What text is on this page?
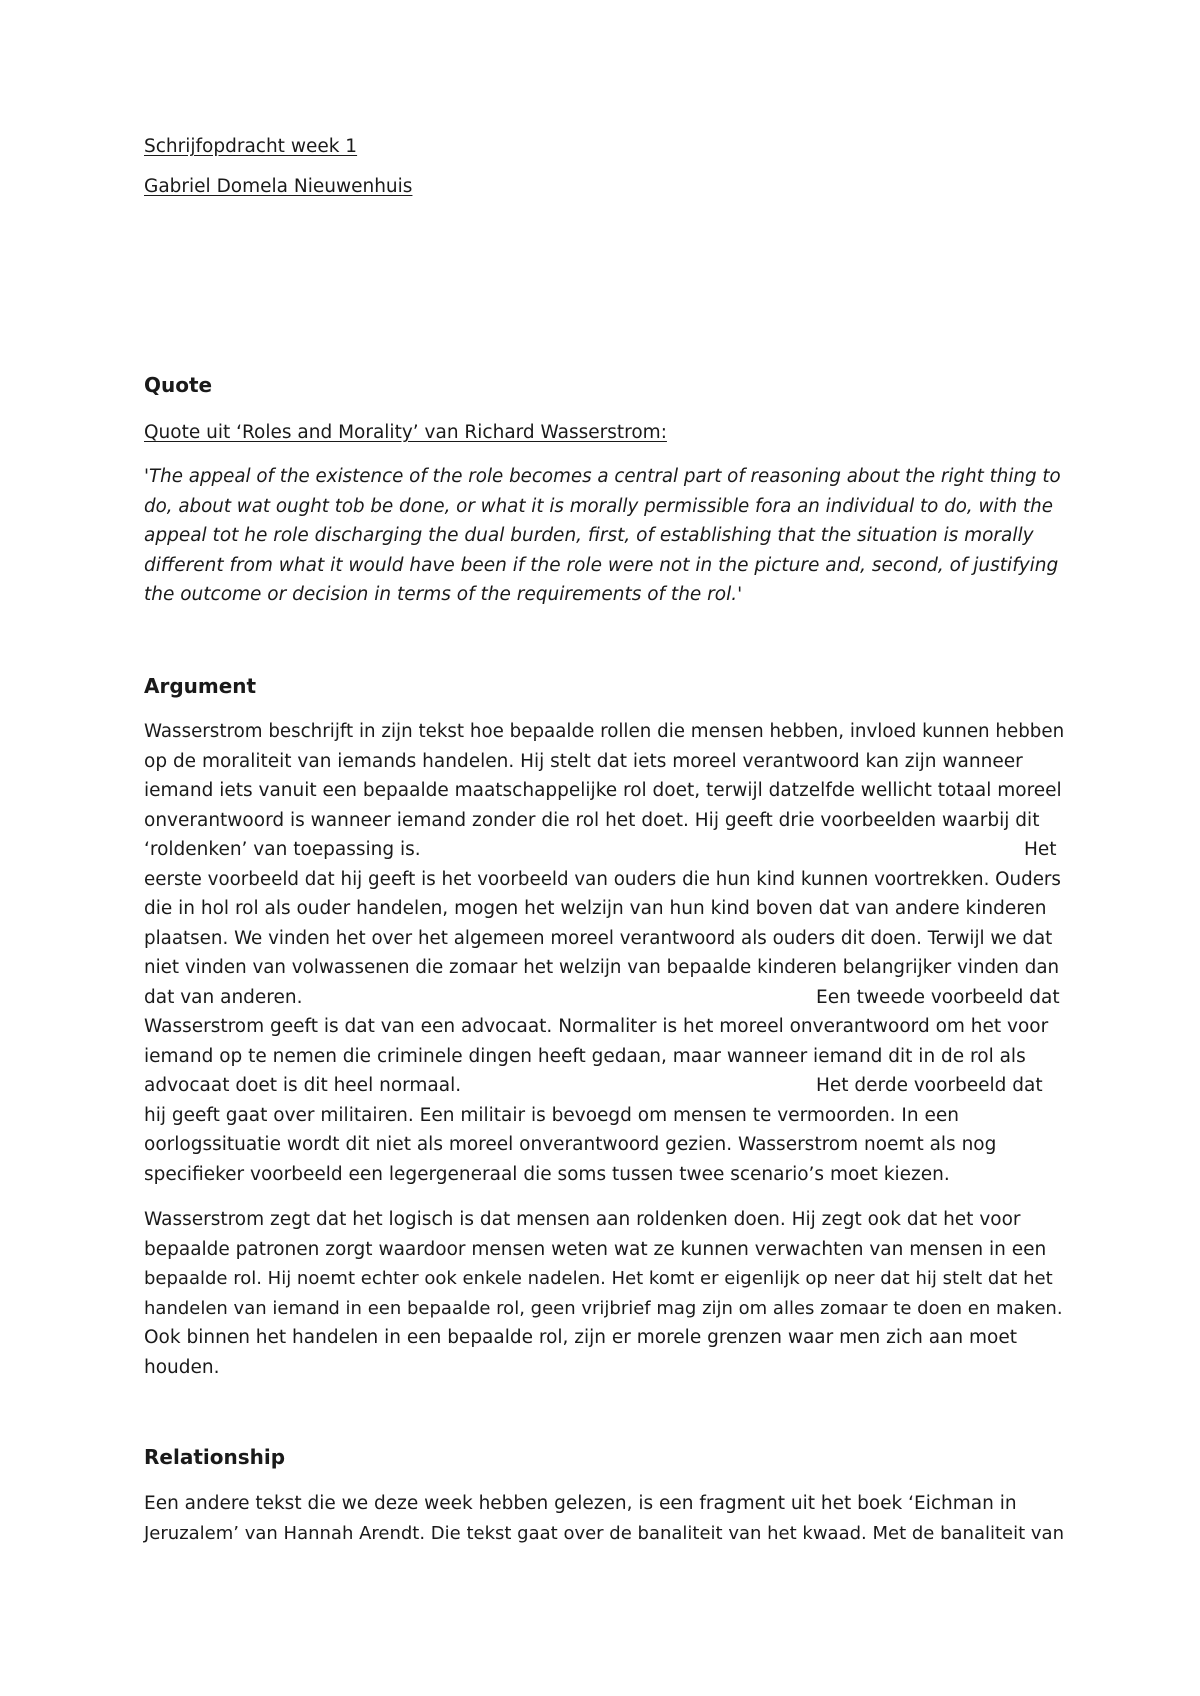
Schrijfopdracht week 1

Gabriel Domela Nieuwenhuis

Quote

Quote uit ‘Roles and Morality’ van Richard Wasserstrom:

'The appeal of the existence of the role becomes a central part of reasoning about the right thing to

do, about wat ought tob be done, or what it is morally permissible fora an individual to do, with the

appeal tot he role discharging the dual burden, first, of establishing that the situation is morally

different from what it would have been if the role were not in the picture and, second, of justifying

the outcome or decision in terms of the requirements of the rol.'

Argument

Wasserstrom beschrijft in zijn tekst hoe bepaalde rollen die mensen hebben, invloed kunnen hebben

op de moraliteit van iemands handelen. Hij stelt dat iets moreel verantwoord kan zijn wanneer

iemand iets vanuit een bepaalde maatschappelijke rol doet, terwijl datzelfde wellicht totaal moreel

onverantwoord is wanneer iemand zonder die rol het doet. Hij geeft drie voorbeelden waarbij dit

‘roldenken’ van toepassing is.	Het

eerste voorbeeld dat hij geeft is het voorbeeld van ouders die hun kind kunnen voortrekken. Ouders

die in hol rol als ouder handelen, mogen het welzijn van hun kind boven dat van andere kinderen

plaatsen. We vinden het over het algemeen moreel verantwoord als ouders dit doen. Terwijl we dat

niet vinden van volwassenen die zomaar het welzijn van bepaalde kinderen belangrijker vinden dan

dat van anderen.	Een tweede voorbeeld dat

Wasserstrom geeft is dat van een advocaat. Normaliter is het moreel onverantwoord om het voor

iemand op te nemen die criminele dingen heeft gedaan, maar wanneer iemand dit in de rol als

advocaat doet is dit heel normaal.	Het derde voorbeeld dat

hij geeft gaat over militairen. Een militair is bevoegd om mensen te vermoorden. In een

oorlogssituatie wordt dit niet als moreel onverantwoord gezien. Wasserstrom noemt als nog

specifieker voorbeeld een legergeneraal die soms tussen twee scenario’s moet kiezen.

Wasserstrom zegt dat het logisch is dat mensen aan roldenken doen. Hij zegt ook dat het voor

bepaalde patronen zorgt waardoor mensen weten wat ze kunnen verwachten van mensen in een

bepaalde rol. Hij noemt echter ook enkele nadelen. Het komt er eigenlijk op neer dat hij stelt dat het

handelen van iemand in een bepaalde rol, geen vrijbrief mag zijn om alles zomaar te doen en maken.

Ook binnen het handelen in een bepaalde rol, zijn er morele grenzen waar men zich aan moet

houden.

Relationship

Een andere tekst die we deze week hebben gelezen, is een fragment uit het boek ‘Eichman in

Jeruzalem’ van Hannah Arendt. Die tekst gaat over de banaliteit van het kwaad. Met de banaliteit van
